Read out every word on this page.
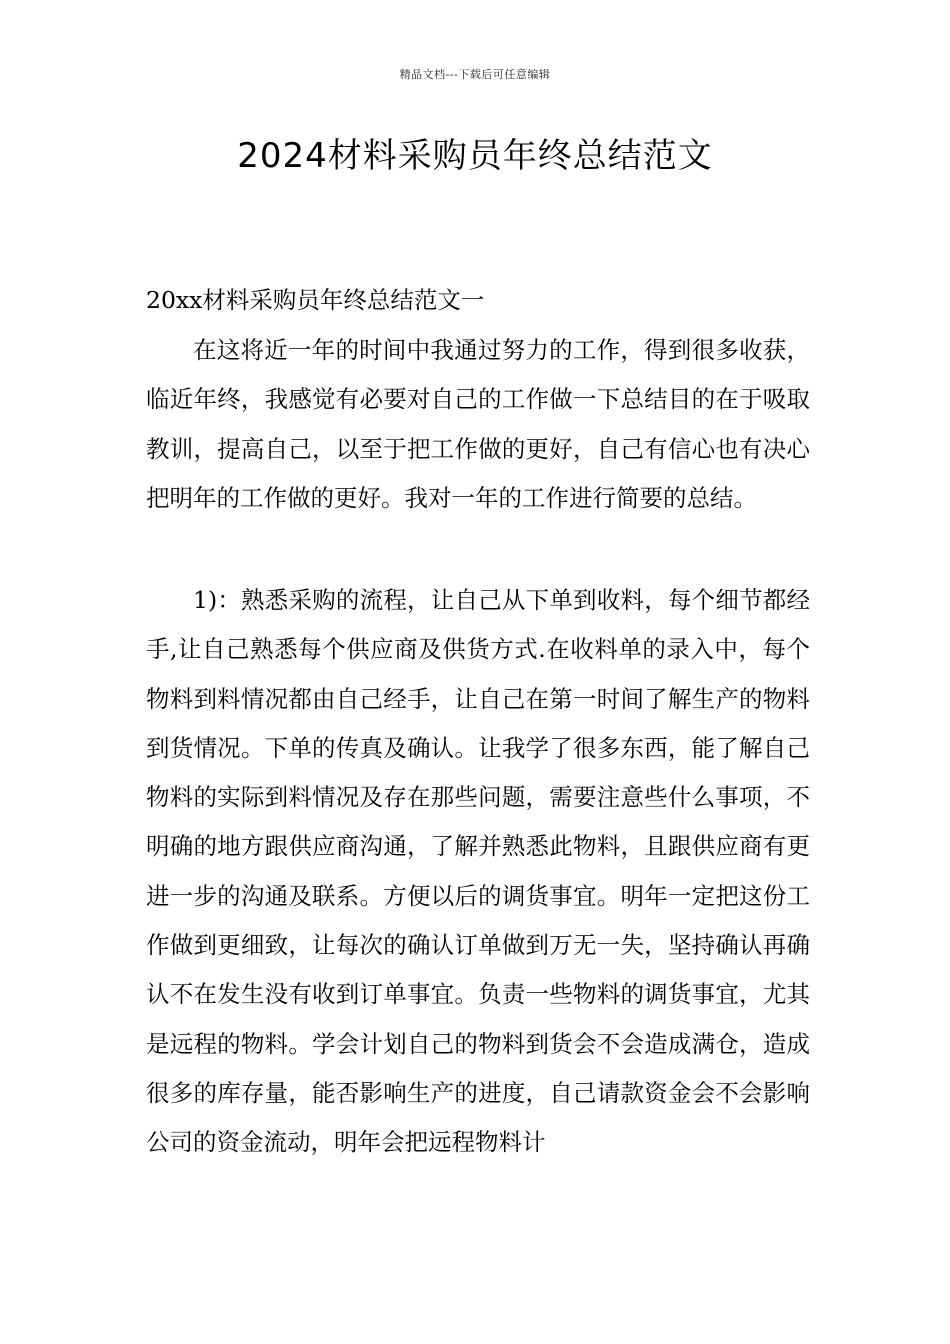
精品文档---下载后可任意编辑
2024材料采购员年终总结范文
20xx材料采购员年终总结范文一

在这将近一年的时间中我通过努力的工作，得到很多收获，临近年终，我感觉有必要对自己的工作做一下总结目的在于吸取教训，提高自己，以至于把工作做的更好，自己有信心也有决心把明年的工作做的更好。我对一年的工作进行简要的总结。

1)：熟悉采购的流程，让自己从下单到收料，每个细节都经手,让自己熟悉每个供应商及供货方式.在收料单的录入中，每个物料到料情况都由自己经手，让自己在第一时间了解生产的物料到货情况。下单的传真及确认。让我学了很多东西，能了解自己物料的实际到料情况及存在那些问题，需要注意些什么事项，不明确的地方跟供应商沟通，了解并熟悉此物料，且跟供应商有更进一步的沟通及联系。方便以后的调货事宜。明年一定把这份工作做到更细致，让每次的确认订单做到万无一失，坚持确认再确认不在发生没有收到订单事宜。负责一些物料的调货事宜，尤其是远程的物料。学会计划自己的物料到货会不会造成满仓，造成很多的库存量，能否影响生产的进度，自己请款资金会不会影响公司的资金流动，明年会把远程物料计
